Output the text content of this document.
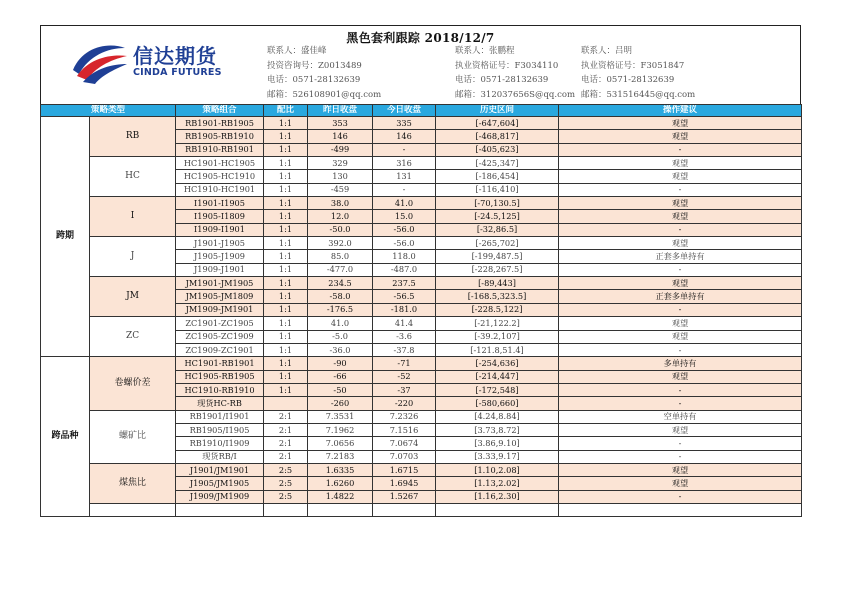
黑色套利跟踪 2018/12/7
信达期货
CINDA FUTURES
联系人：盛佳峰
投资咨询号：Z0013489
电话：0571-28132639
邮箱：526108901@qq.com
联系人：张鹏程
执业资格证号：F3034110
电话：0571-28132639
邮箱：312037656S@qq.com
联系人：吕明
执业资格证号：F3051847
电话：0571-28132639
邮箱：531516445@qq.com
策略类型		策略组合	配比	昨日收盘	今日收盘	历史区间	操作建议
跨期	RB	RB1901-RB1905	1:1	353	335	[-647,604]	观望
		RB1905-RB1910	1:1	146	146	[-468,817]	观望
		RB1910-RB1901	1:1	-499	-	[-405,623]	-
	HC	HC1901-HC1905	1:1	329	316	[-425,347]	观望
		HC1905-HC1910	1:1	130	131	[-186,454]	观望
		HC1910-HC1901	1:1	-459	-	[-116,410]	-
	I	I1901-I1905	1:1	38.0	41.0	[-70,130.5]	观望
		I1905-I1809	1:1	12.0	15.0	[-24.5,125]	观望
		I1909-I1901	1:1	-50.0	-56.0	[-32,86.5]	-
	J	J1901-J1905	1:1	392.0	-56.0	[-265,702]	观望
		J1905-J1909	1:1	85.0	118.0	[-199,487.5]	正套多单持有
		J1909-J1901	1:1	-477.0	-487.0	[-228,267.5]	-
	JM	JM1901-JM1905	1:1	234.5	237.5	[-89,443]	观望
		JM1905-JM1809	1:1	-58.0	-56.5	[-168.5,323.5]	正套多单持有
		JM1909-JM1901	1:1	-176.5	-181.0	[-228.5,122]	-
	ZC	ZC1901-ZC1905	1:1	41.0	41.4	[-21,122.2]	观望
		ZC1905-ZC1909	1:1	-5.0	-3.6	[-39.2,107]	观望
		ZC1909-ZC1901	1:1	-36.0	-37.8	[-121.8,51.4]	-
跨品种	卷螺价差	HC1901-RB1901	1:1	-90	-71	[-254,636]	多单持有
		HC1905-RB1905	1:1	-66	-52	[-214,447]	观望
		HC1910-RB1910	1:1	-50	-37	[-172,548]	-
		现货HC-RB		-260	-220	[-580,660]	-
	螺矿比	RB1901/I1901	2:1	7.3531	7.2326	[4.24,8.84]	空单持有
		RB1905/I1905	2:1	7.1962	7.1516	[3.73,8.72]	观望
		RB1910/I1909	2:1	7.0656	7.0674	[3.86,9.10]	-
		现货RB/I	2:1	7.2183	7.0703	[3.33,9.17]	-
	煤焦比	J1901/JM1901	2:5	1.6335	1.6715	[1.10,2.08]	观望
		J1905/JM1905	2:5	1.6260	1.6945	[1.13,2.02]	观望
		J1909/JM1909	2:5	1.4822	1.5267	[1.16,2.30]	-
